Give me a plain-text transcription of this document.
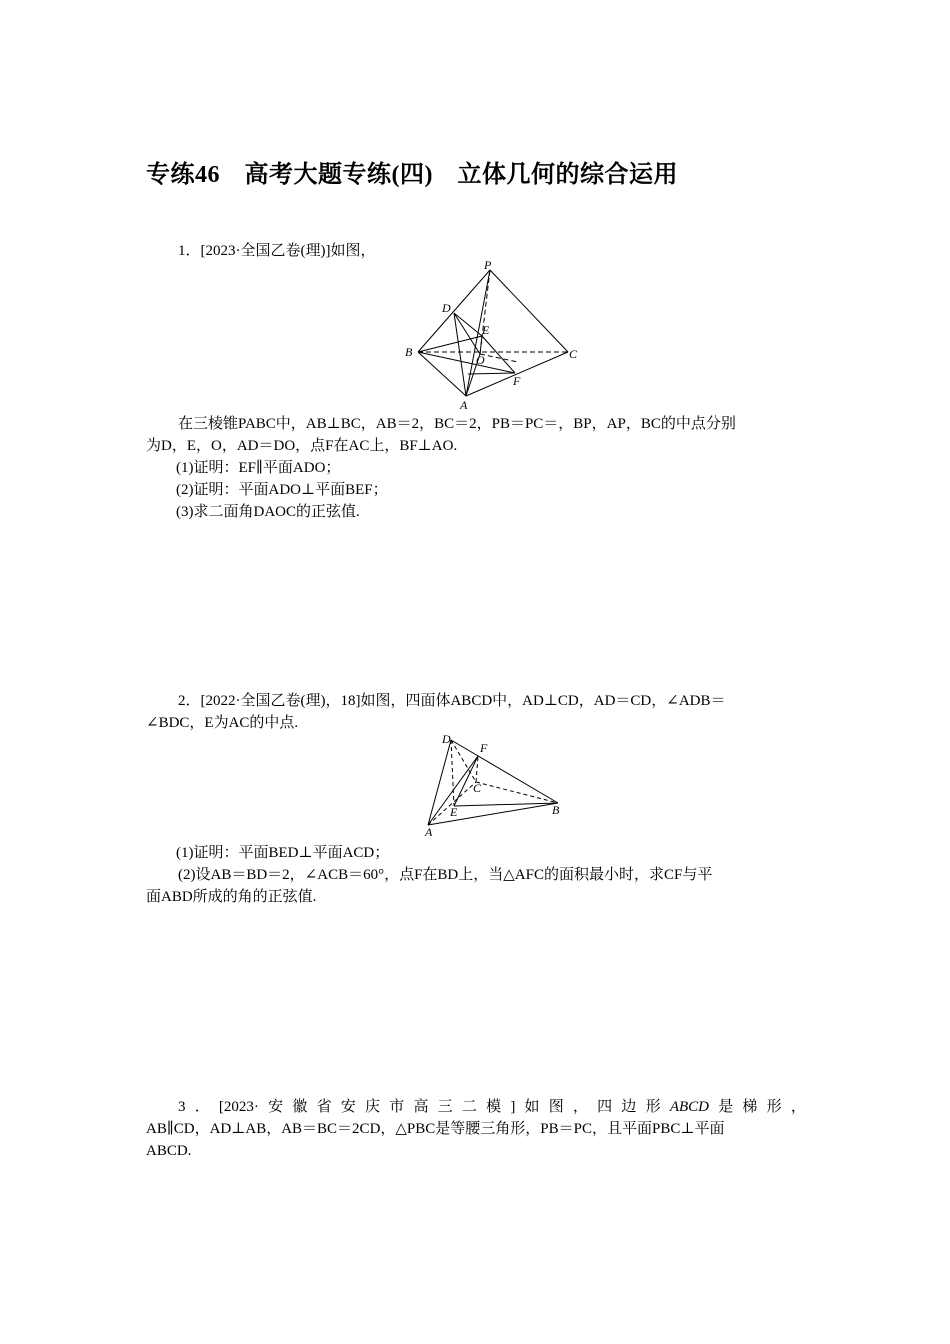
专练46　高考大题专练(四)　立体几何的综合运用
1．[2023·全国乙卷(理)]如图，
P
D
E
B
O	C
F
A
在三棱锥PABC中，AB⊥BC，AB＝2，BC＝2，PB＝PC＝，BP，AP，BC的中点分别
为D，E，O，AD＝DO，点F在AC上，BF⊥AO.
(1)证明：EF∥平面ADO；
(2)证明：平面ADO⊥平面BEF；
(3)求二面角DAOC的正弦值.
2．[2022·全国乙卷(理)，18]如图，四面体ABCD中，AD⊥CD，AD＝CD，∠ADB＝
∠BDC，E为AC的中点.
D
F
C
E	B
A
(1)证明：平面BED⊥平面ACD；
(2)设AB＝BD＝2，∠ACB＝60°，点F在BD上，当△AFC的面积最小时，求CF与平
面ABD所成的角的正弦值.
3 ． [2023· 安 徽 省 安 庆 市 高 三 二 模 ] 如 图 ， 四 边 形 ABCD 是 梯 形 ，
AB∥CD，AD⊥AB，AB＝BC＝2CD，△PBC是等腰三角形，PB＝PC，且平面PBC⊥平面
ABCD.
